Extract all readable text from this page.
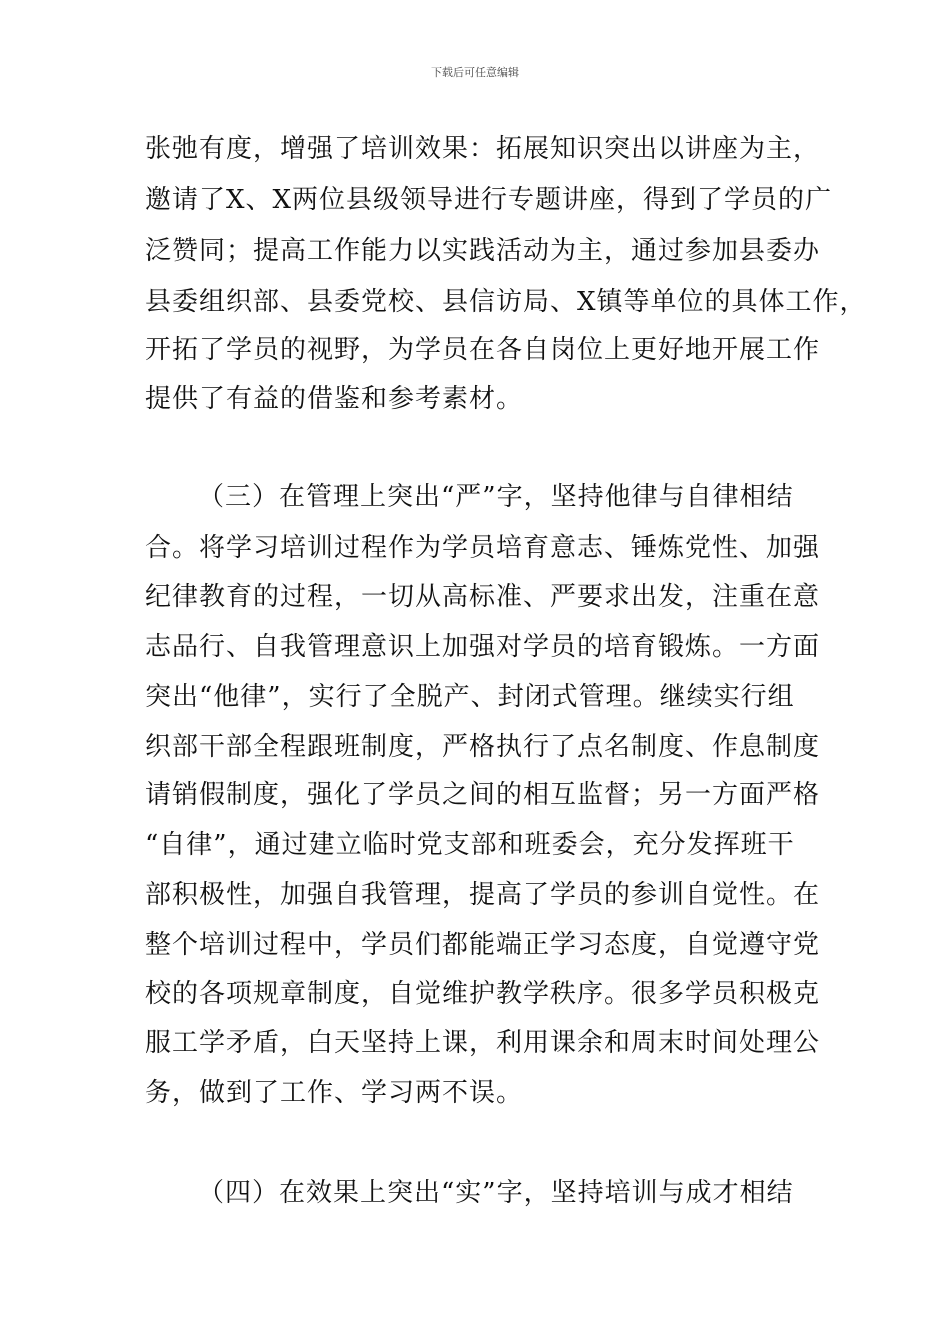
下载后可任意编辑
张弛有度，增强了培训效果：拓展知识突出以讲座为主，
邀请了X、X两位县级领导进行专题讲座，得到了学员的广
泛赞同；提高工作能力以实践活动为主，通过参加县委办
县委组织部、县委党校、县信访局、X镇等单位的具体工作，
开拓了学员的视野，为学员在各自岗位上更好地开展工作
提供了有益的借鉴和参考素材。
（三）在管理上突出“严”字，坚持他律与自律相结
合。将学习培训过程作为学员培育意志、锤炼党性、加强
纪律教育的过程，一切从高标准、严要求出发，注重在意
志品行、自我管理意识上加强对学员的培育锻炼。一方面
突出“他律”，实行了全脱产、封闭式管理。继续实行组
织部干部全程跟班制度，严格执行了点名制度、作息制度
请销假制度，强化了学员之间的相互监督；另一方面严格
“自律”，通过建立临时党支部和班委会，充分发挥班干
部积极性，加强自我管理，提高了学员的参训自觉性。在
整个培训过程中，学员们都能端正学习态度，自觉遵守党
校的各项规章制度，自觉维护教学秩序。很多学员积极克
服工学矛盾，白天坚持上课，利用课余和周末时间处理公
务，做到了工作、学习两不误。
（四）在效果上突出“实”字，坚持培训与成才相结
